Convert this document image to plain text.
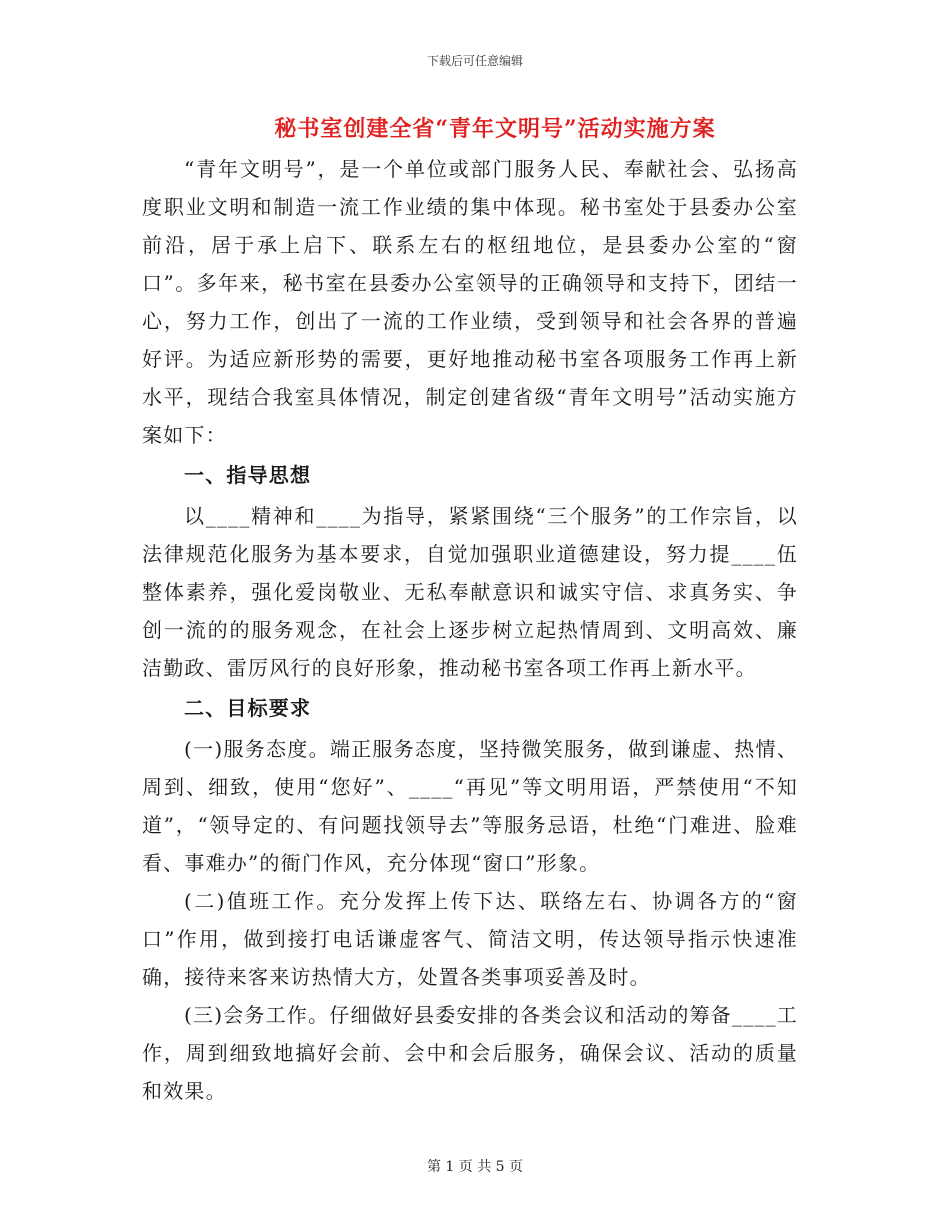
下载后可任意编辑
秘书室创建全省“青年文明号”活动实施方案

“青年文明号”，是一个单位或部门服务人民、奉献社会、弘扬高度职业文明和制造一流工作业绩的集中体现。秘书室处于县委办公室前沿，居于承上启下、联系左右的枢纽地位，是县委办公室的“窗口”。多年来，秘书室在县委办公室领导的正确领导和支持下，团结一心，努力工作，创出了一流的工作业绩，受到领导和社会各界的普遍好评。为适应新形势的需要，更好地推动秘书室各项服务工作再上新水平，现结合我室具体情况，制定创建省级“青年文明号”活动实施方案如下：

一、指导思想

以____精神和____为指导，紧紧围绕“三个服务”的工作宗旨，以法律规范化服务为基本要求，自觉加强职业道德建设，努力提____伍整体素养，强化爱岗敬业、无私奉献意识和诚实守信、求真务实、争创一流的的服务观念，在社会上逐步树立起热情周到、文明高效、廉洁勤政、雷厉风行的良好形象，推动秘书室各项工作再上新水平。

二、目标要求

(一)服务态度。端正服务态度，坚持微笑服务，做到谦虚、热情、周到、细致，使用“您好”、____“再见”等文明用语，严禁使用“不知道”，“领导定的、有问题找领导去”等服务忌语，杜绝“门难进、脸难看、事难办”的衙门作风，充分体现“窗口”形象。

(二)值班工作。充分发挥上传下达、联络左右、协调各方的“窗口”作用，做到接打电话谦虚客气、简洁文明，传达领导指示快速准确，接待来客来访热情大方，处置各类事项妥善及时。

(三)会务工作。仔细做好县委安排的各类会议和活动的筹备____工作，周到细致地搞好会前、会中和会后服务，确保会议、活动的质量和效果。

第 1 页 共 5 页
